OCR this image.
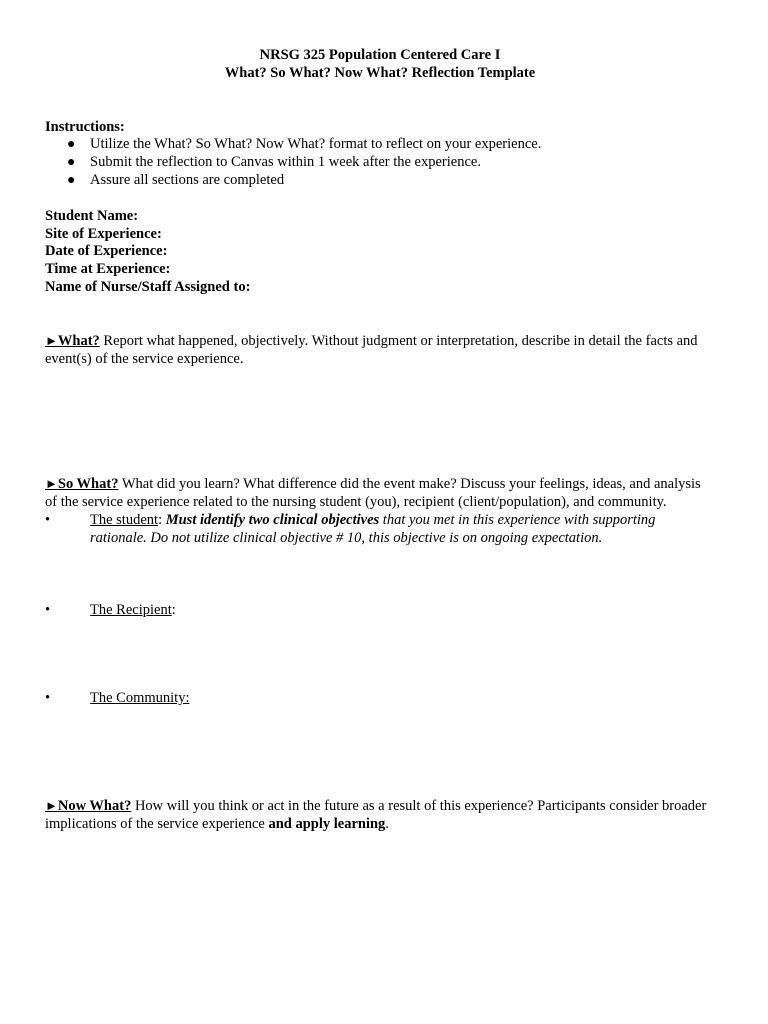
NRSG 325 Population Centered Care I
What? So What? Now What? Reflection Template
Instructions:
● Utilize the What? So What? Now What? format to reflect on your experience.
● Submit the reflection to Canvas within 1 week after the experience.
● Assure all sections are completed
Student Name:
Site of Experience:
Date of Experience:
Time at Experience:
Name of Nurse/Staff Assigned to:
►What? Report what happened, objectively. Without judgment or interpretation, describe in detail the facts and event(s) of the service experience.
►So What? What did you learn? What difference did the event make? Discuss your feelings, ideas, and analysis of the service experience related to the nursing student (you), recipient (client/population), and community.
•	The student: Must identify two clinical objectives that you met in this experience with supporting rationale. Do not utilize clinical objective # 10, this objective is on ongoing expectation.
•	The Recipient:
•	The Community:
►Now What? How will you think or act in the future as a result of this experience? Participants consider broader implications of the service experience and apply learning.
